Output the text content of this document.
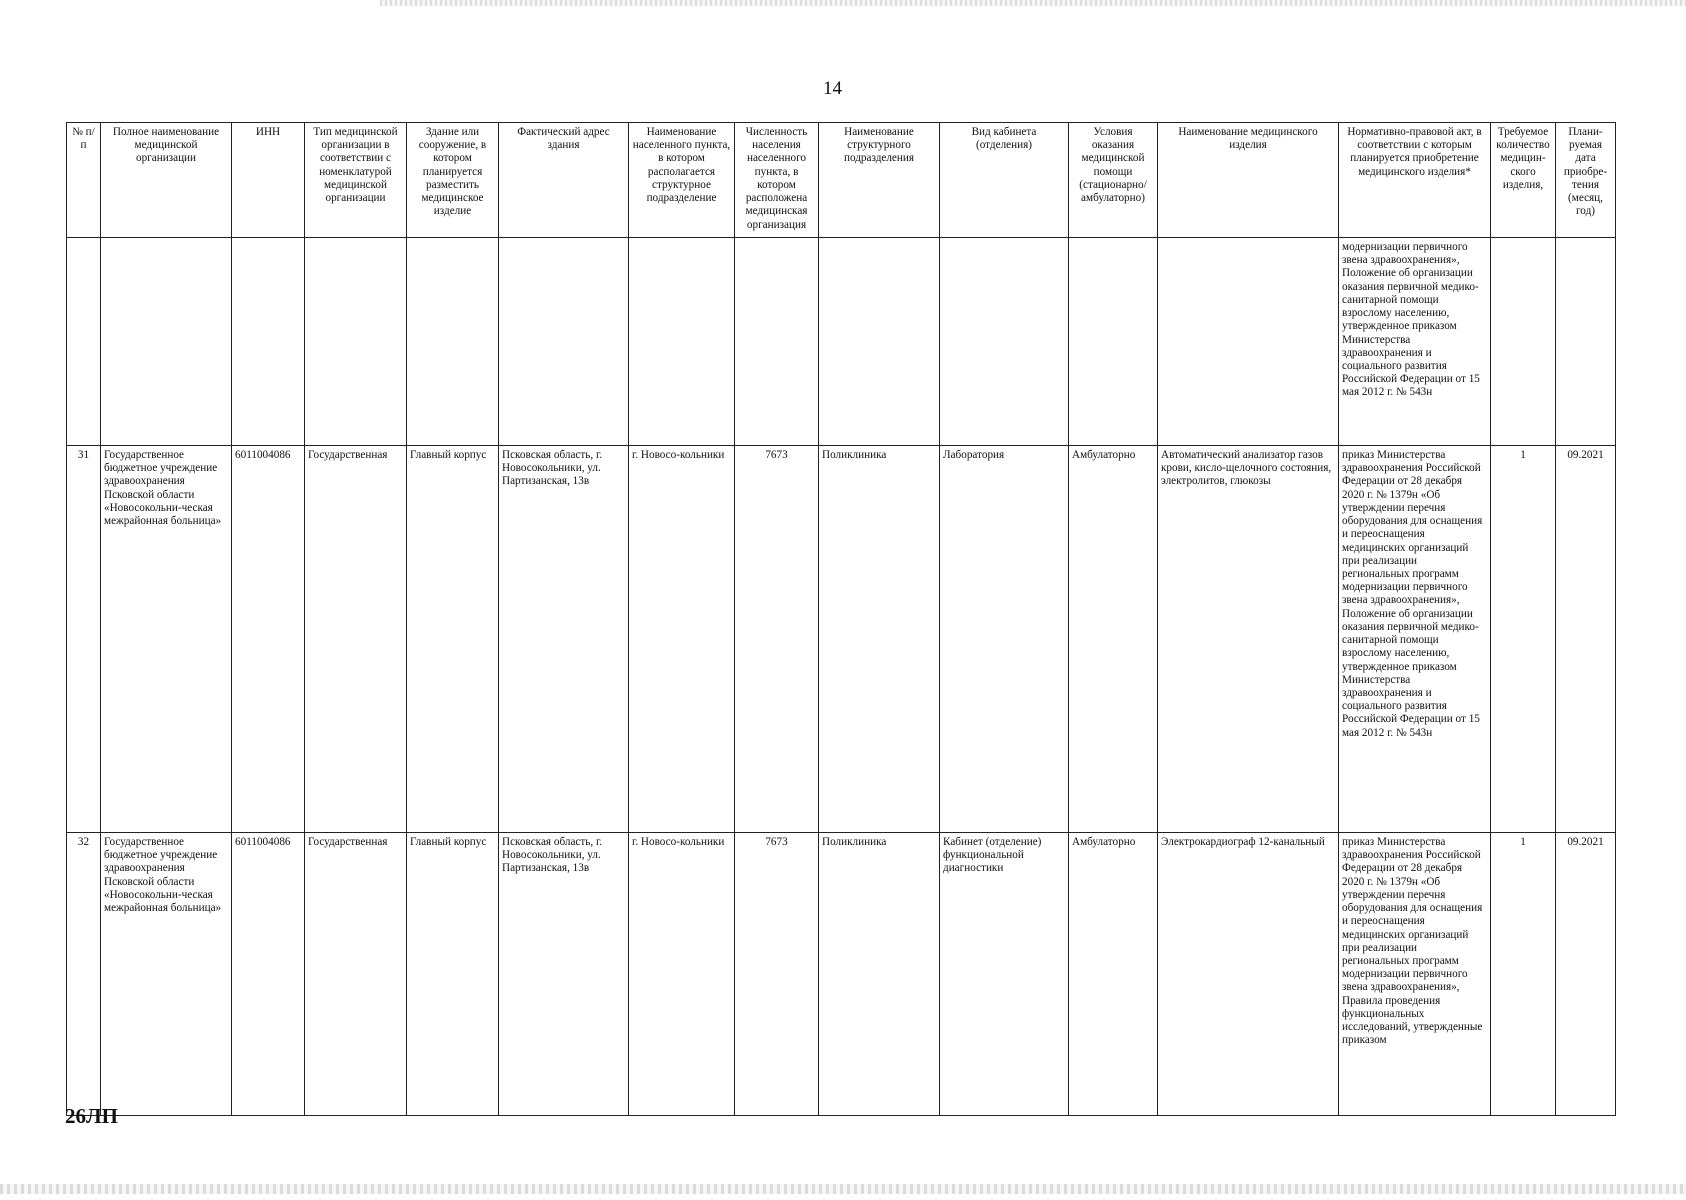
14
№ п/п	Полное наименование медицинской организации	ИНН	Тип медицинской организации в соответствии с номенклатурой медицинской организации	Здание или сооружение, в котором планируется разместить медицинское изделие	Фактический адрес здания	Наименование населенного пункта, в котором располагается структурное подразделение	Численность населения населенного пункта, в котором расположена медицинская организация	Наименование структурного подразделения	Вид кабинета (отделения)	Условия оказания медицинской помощи (стационарно/ амбулаторно)	Наименование медицинского изделия	Нормативно-правовой акт, в соответствии с которым планируется приобретение медицинского изделия*	Требуемое количество медицин-ского изделия,	Плани-руемая дата приобре-тения (месяц, год)
												модернизации первичного звена здравоохранения», Положение об организации оказания первичной медико-санитарной помощи взрослому населению, утвержденное приказом Министерства здравоохранения и социального развития Российской Федерации от 15 мая 2012 г. № 543н		
31	Государственное бюджетное учреждение здравоохранения Псковской области «Новосокольни-ческая межрайонная больница»	6011004086	Государственная	Главный корпус	Псковская область, г. Новосокольники, ул. Партизанская, 13в	г. Новосо-кольники	7673	Поликлиника	Лаборатория	Амбулаторно	Автоматический анализатор газов крови, кисло-щелочного состояния, электролитов, глюкозы	приказ Министерства здравоохранения Российской Федерации от 28 декабря 2020 г. № 1379н «Об утверждении перечня оборудования для оснащения и переоснащения медицинских организаций при реализации региональных программ модернизации первичного звена здравоохранения», Положение об организации оказания первичной медико-санитарной помощи взрослому населению, утвержденное приказом Министерства здравоохранения и социального развития Российской Федерации от 15 мая 2012 г. № 543н	1	09.2021
32	Государственное бюджетное учреждение здравоохранения Псковской области «Новосокольни-ческая межрайонная больница»	6011004086	Государственная	Главный корпус	Псковская область, г. Новосокольники, ул. Партизанская, 13в	г. Новосо-кольники	7673	Поликлиника	Кабинет (отделение) функциональной диагностики	Амбулаторно	Электрокардиограф 12-канальный	приказ Министерства здравоохранения Российской Федерации от 28 декабря 2020 г. № 1379н «Об утверждении перечня оборудования для оснащения и переоснащения медицинских организаций при реализации региональных программ модернизации первичного звена здравоохранения», Правила проведения функциональных исследований, утвержденные приказом	1	09.2021
26ЛП
